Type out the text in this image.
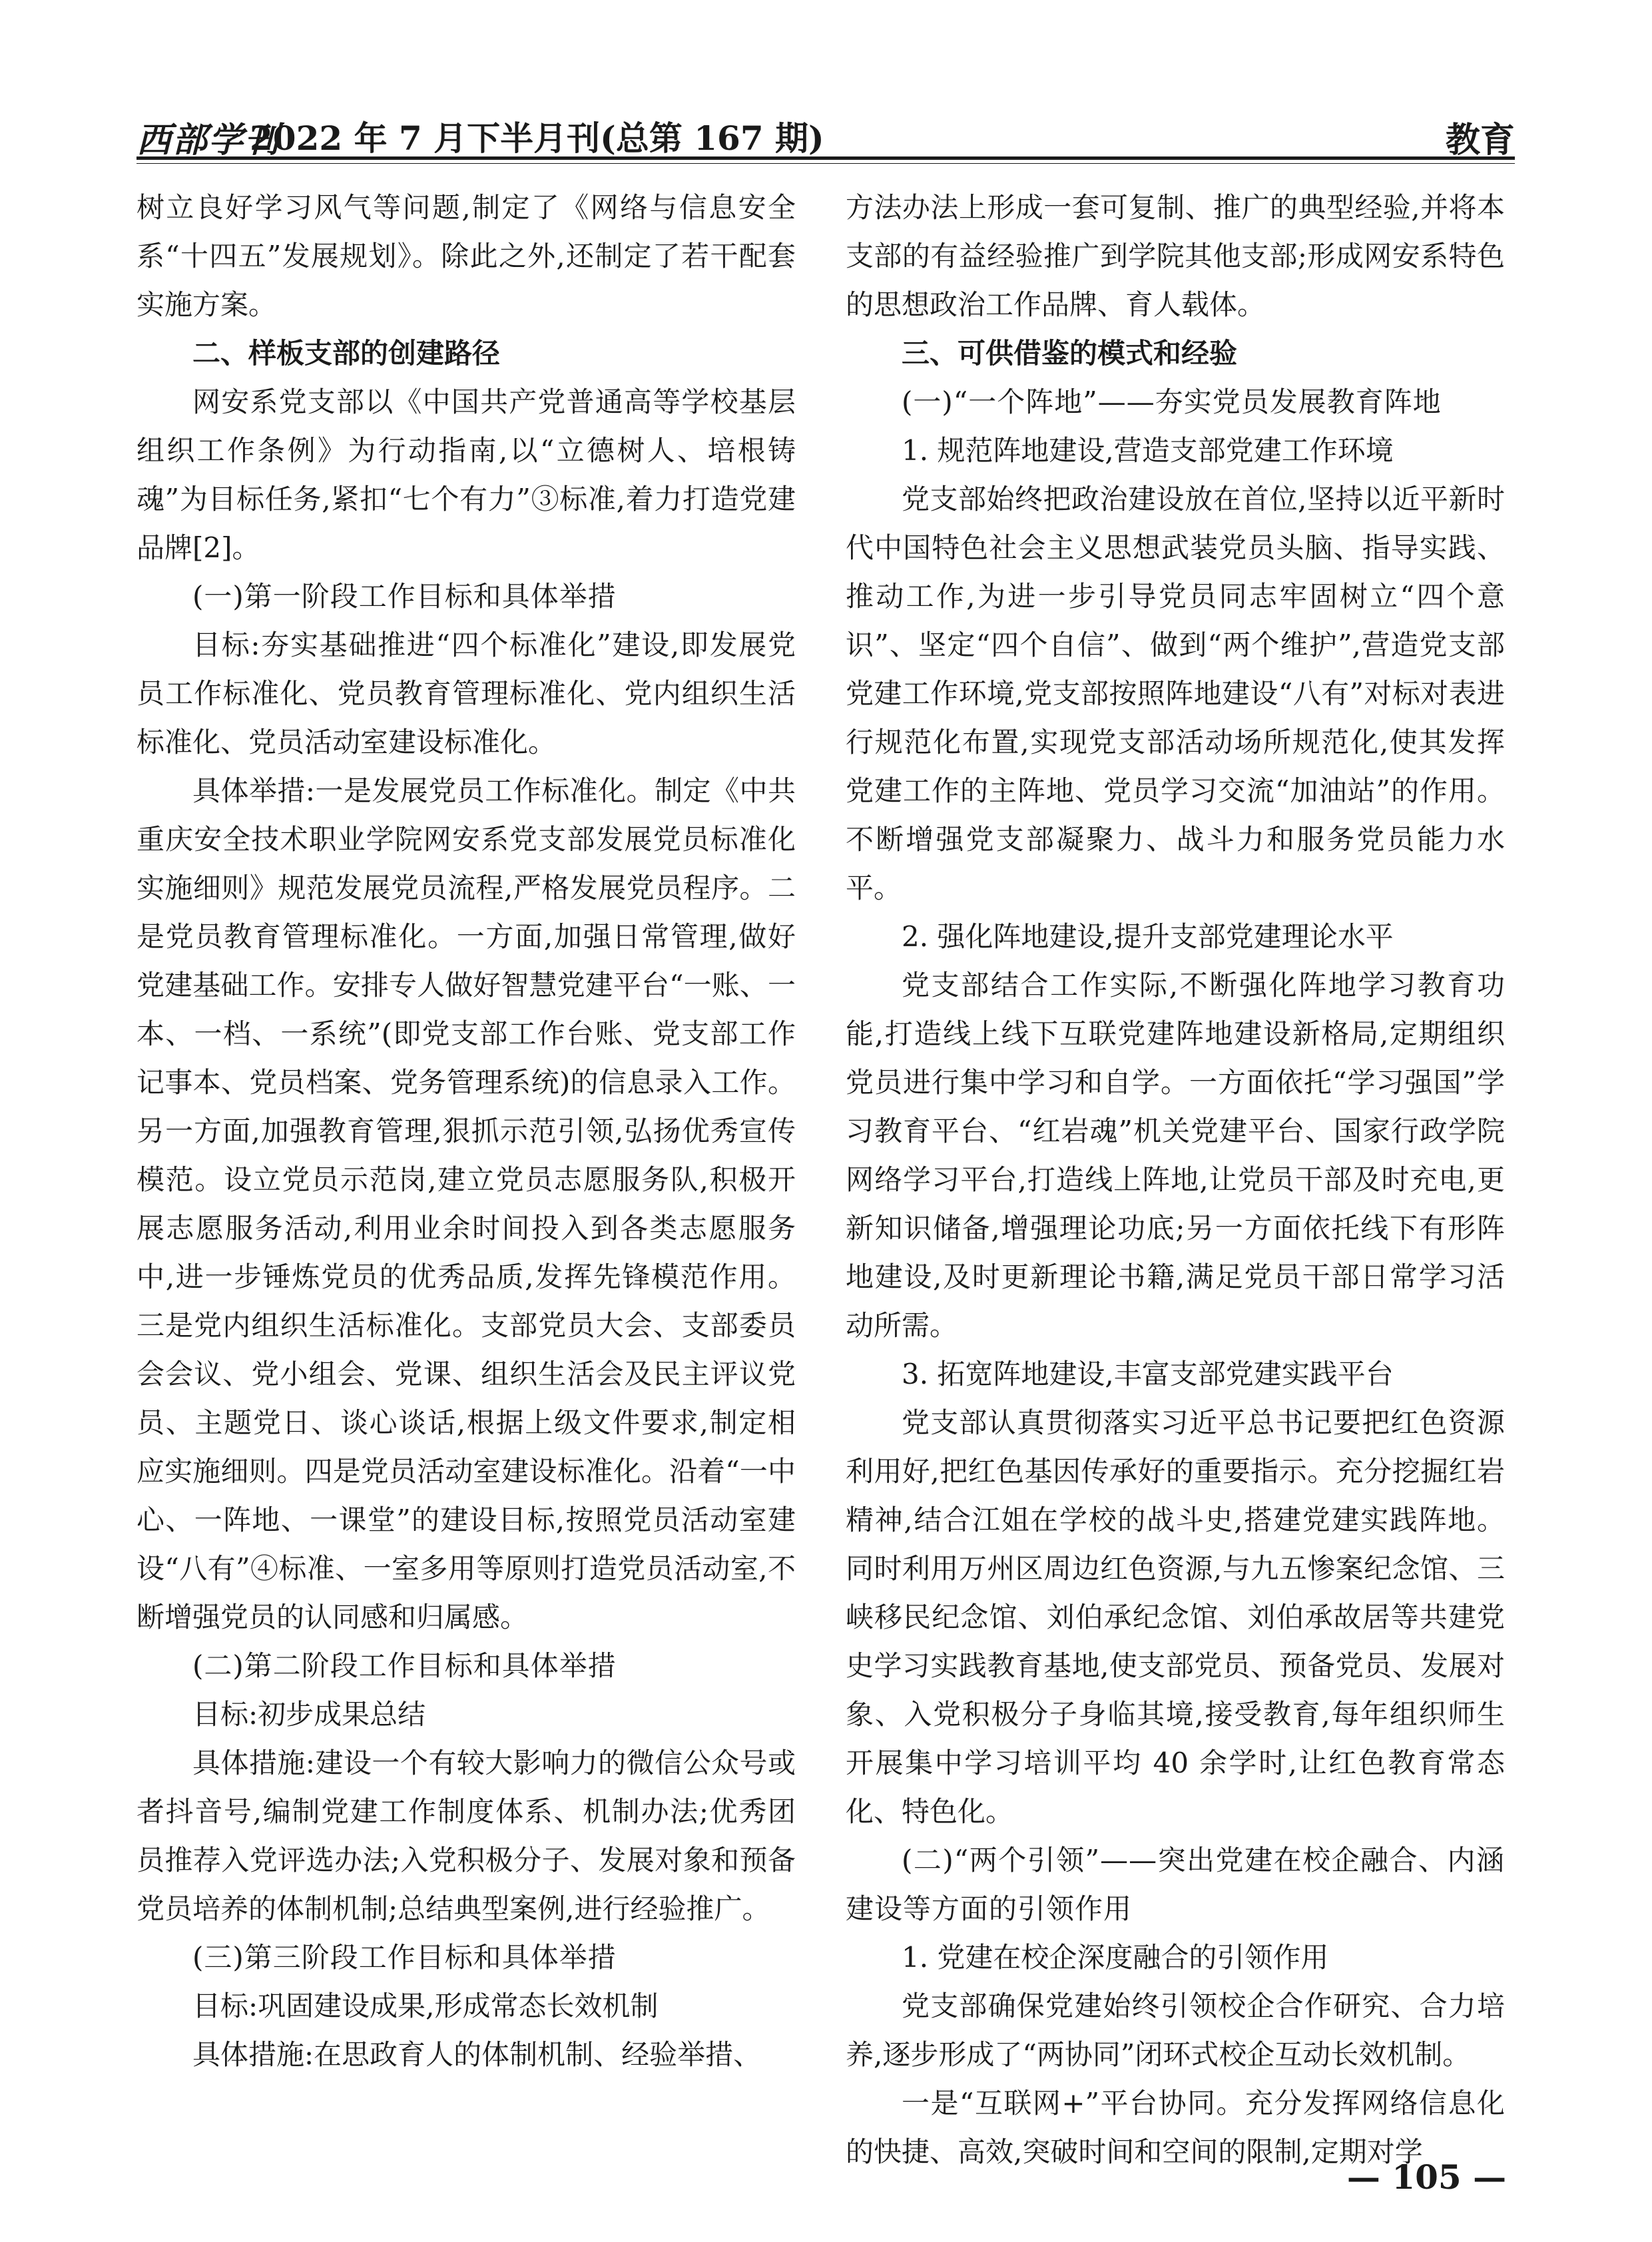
西部学刊
2022 年 7 月下半月刊(总第 167 期)	教育

树立良好学习风气等问题,制定了《网络与信息安全系“十四五”发展规划》。除此之外,还制定了若干配套实施方案。

二、样板支部的创建路径

网安系党支部以《中国共产党普通高等学校基层组织工作条例》为行动指南,以“立德树人、培根铸魂”为目标任务,紧扣“七个有力”③标准,着力打造党建品牌[2]。

(一)第一阶段工作目标和具体举措

目标:夯实基础推进“四个标准化”建设,即发展党员工作标准化、党员教育管理标准化、党内组织生活标准化、党员活动室建设标准化。

具体举措:一是发展党员工作标准化。制定《中共重庆安全技术职业学院网安系党支部发展党员标准化实施细则》规范发展党员流程,严格发展党员程序。二是党员教育管理标准化。一方面,加强日常管理,做好党建基础工作。安排专人做好智慧党建平台“一账、一本、一档、一系统”(即党支部工作台账、党支部工作记事本、党员档案、党务管理系统)的信息录入工作。另一方面,加强教育管理,狠抓示范引领,弘扬优秀宣传模范。设立党员示范岗,建立党员志愿服务队,积极开展志愿服务活动,利用业余时间投入到各类志愿服务中,进一步锤炼党员的优秀品质,发挥先锋模范作用。三是党内组织生活标准化。支部党员大会、支部委员会会议、党小组会、党课、组织生活会及民主评议党员、主题党日、谈心谈话,根据上级文件要求,制定相应实施细则。四是党员活动室建设标准化。沿着“一中心、一阵地、一课堂”的建设目标,按照党员活动室建设“八有”④标准、一室多用等原则打造党员活动室,不断增强党员的认同感和归属感。

(二)第二阶段工作目标和具体举措

目标:初步成果总结

具体措施:建设一个有较大影响力的微信公众号或者抖音号,编制党建工作制度体系、机制办法;优秀团员推荐入党评选办法;入党积极分子、发展对象和预备党员培养的体制机制;总结典型案例,进行经验推广。

(三)第三阶段工作目标和具体举措

目标:巩固建设成果,形成常态长效机制

具体措施:在思政育人的体制机制、经验举措、

方法办法上形成一套可复制、推广的典型经验,并将本支部的有益经验推广到学院其他支部;形成网安系特色的思想政治工作品牌、育人载体。

三、可供借鉴的模式和经验

(一)“一个阵地”——夯实党员发展教育阵地

1. 规范阵地建设,营造支部党建工作环境

党支部始终把政治建设放在首位,坚持以近平新时代中国特色社会主义思想武装党员头脑、指导实践、推动工作,为进一步引导党员同志牢固树立“四个意识”、坚定“四个自信”、做到“两个维护”,营造党支部党建工作环境,党支部按照阵地建设“八有”对标对表进行规范化布置,实现党支部活动场所规范化,使其发挥党建工作的主阵地、党员学习交流“加油站”的作用。不断增强党支部凝聚力、战斗力和服务党员能力水平。

2. 强化阵地建设,提升支部党建理论水平

党支部结合工作实际,不断强化阵地学习教育功能,打造线上线下互联党建阵地建设新格局,定期组织党员进行集中学习和自学。一方面依托“学习强国”学习教育平台、“红岩魂”机关党建平台、国家行政学院网络学习平台,打造线上阵地,让党员干部及时充电,更新知识储备,增强理论功底;另一方面依托线下有形阵地建设,及时更新理论书籍,满足党员干部日常学习活动所需。

3. 拓宽阵地建设,丰富支部党建实践平台

党支部认真贯彻落实习近平总书记要把红色资源利用好,把红色基因传承好的重要指示。充分挖掘红岩精神,结合江姐在学校的战斗史,搭建党建实践阵地。同时利用万州区周边红色资源,与九五惨案纪念馆、三峡移民纪念馆、刘伯承纪念馆、刘伯承故居等共建党史学习实践教育基地,使支部党员、预备党员、发展对象、入党积极分子身临其境,接受教育,每年组织师生开展集中学习培训平均 40 余学时,让红色教育常态化、特色化。

(二)“两个引领”——突出党建在校企融合、内涵建设等方面的引领作用

1. 党建在校企深度融合的引领作用

党支部确保党建始终引领校企合作研究、合力培养,逐步形成了“两协同”闭环式校企互动长效机制。

一是“互联网+”平台协同。充分发挥网络信息化的快捷、高效,突破时间和空间的限制,定期对学

— 105 —
